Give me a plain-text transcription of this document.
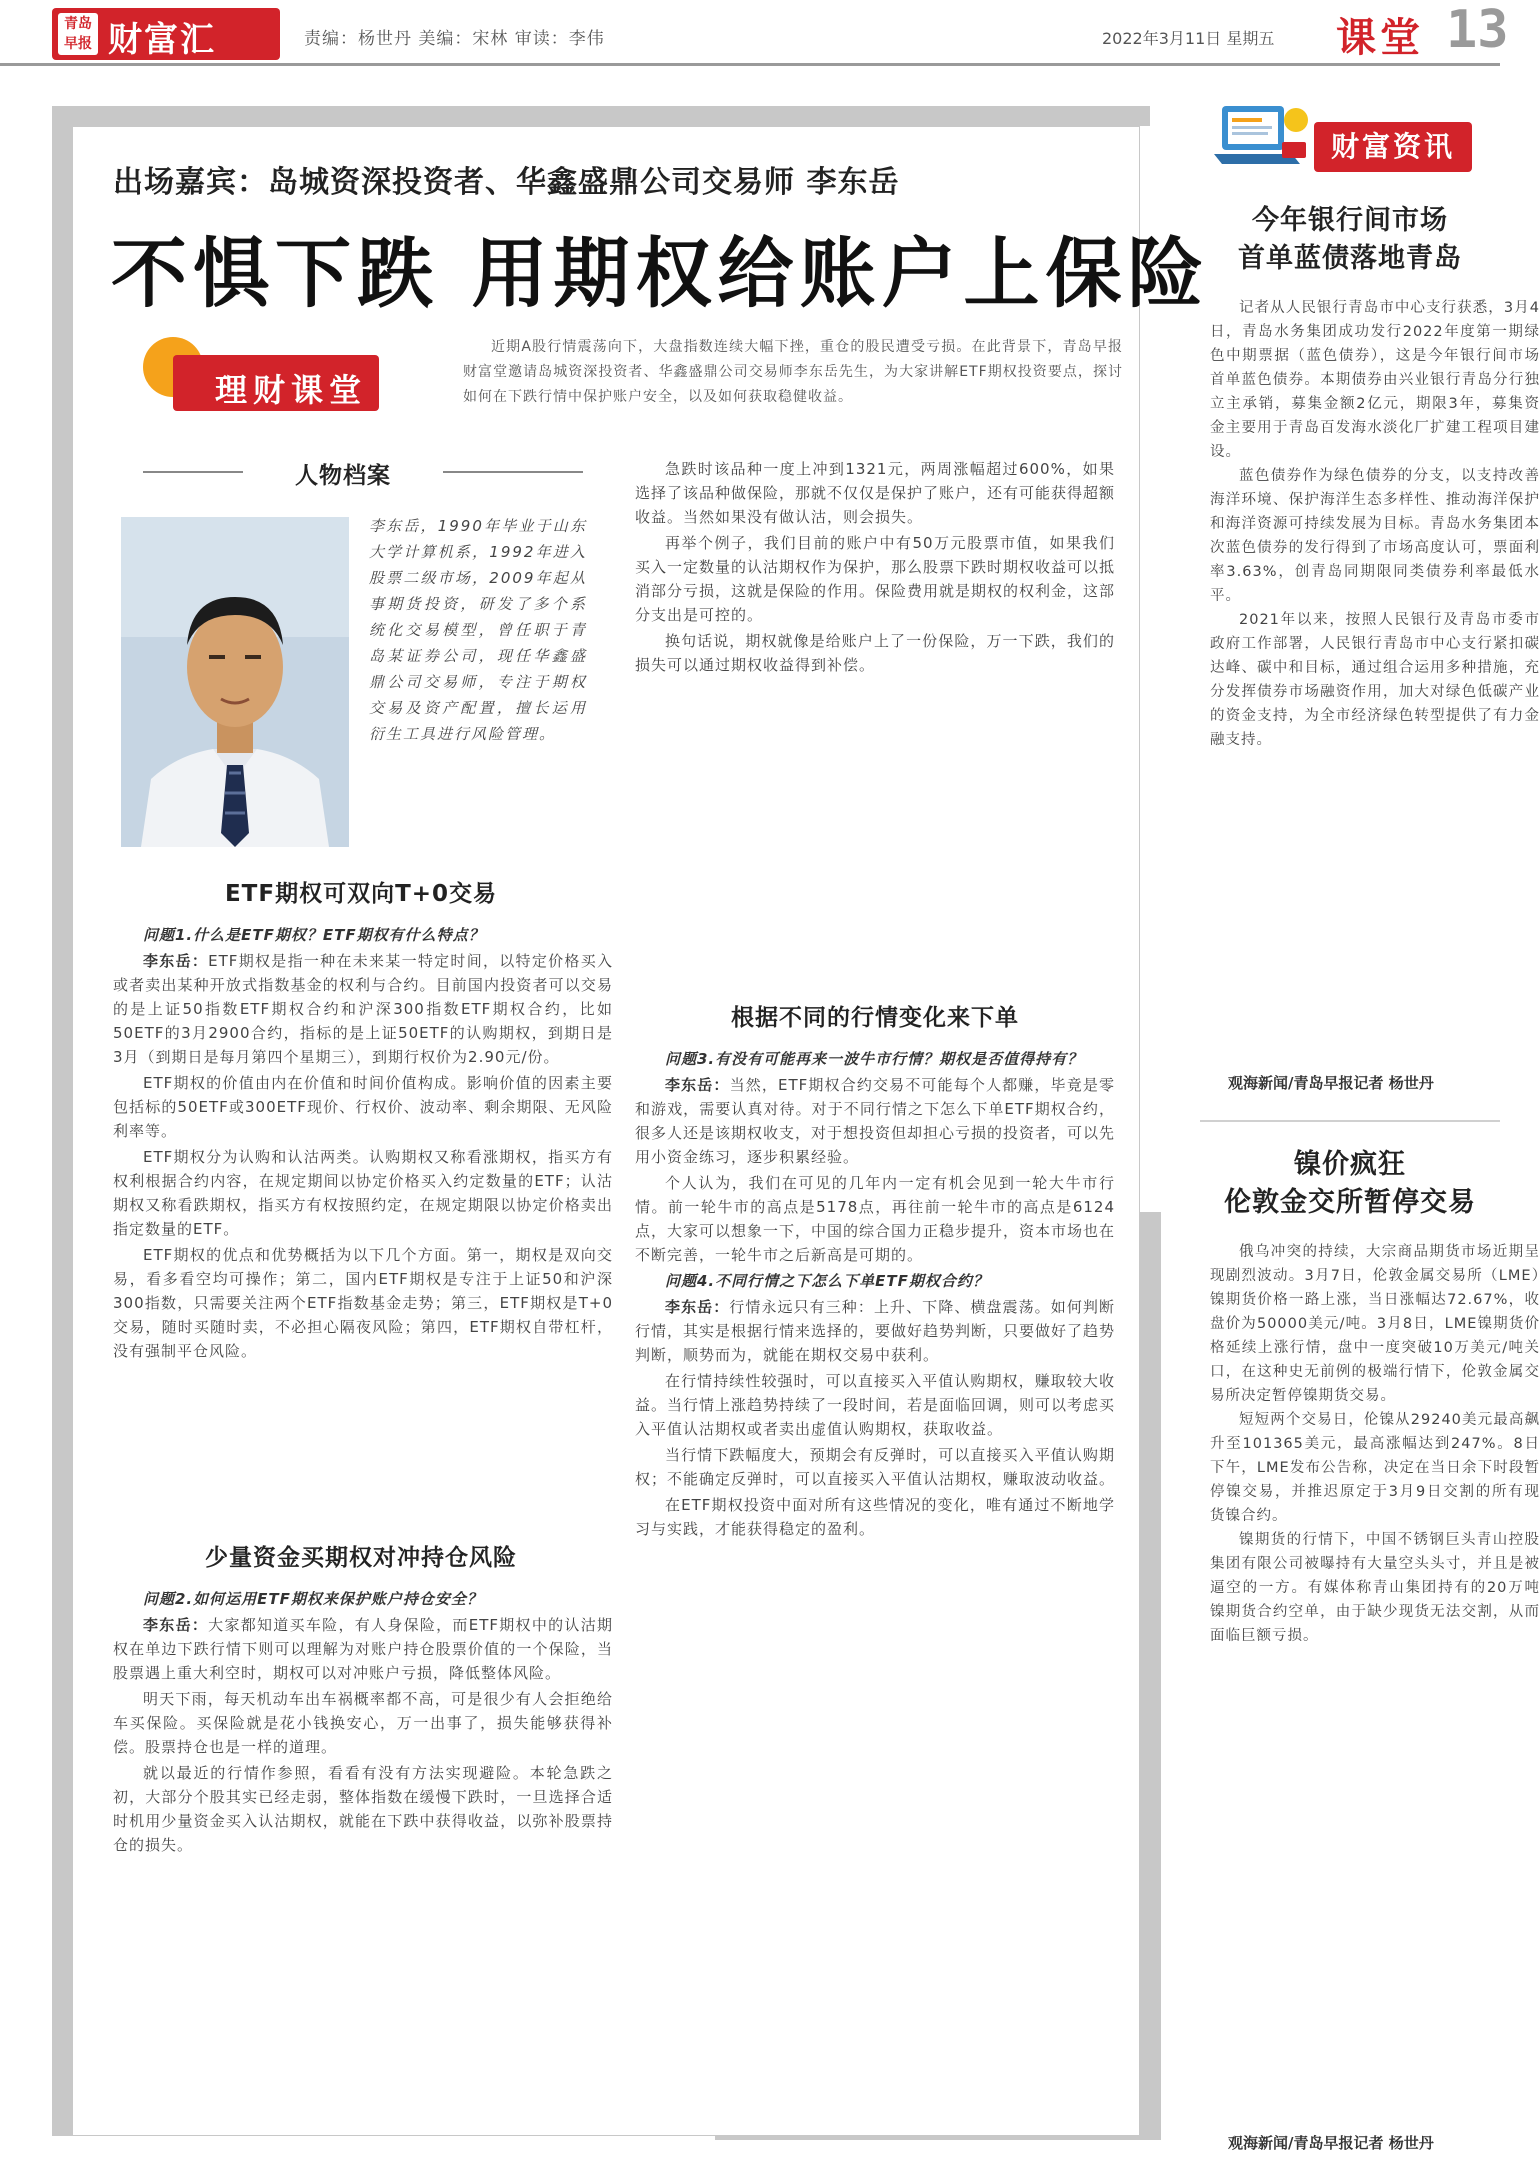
青岛早报 财富汇	责编：杨世丹 美编：宋林 审读：李伟	2022年3月11日 星期五 课堂 13
出场嘉宾：岛城资深投资者、华鑫盛鼎公司交易师 李东岳
不惧下跌 用期权给账户上保险
理财课堂
近期A股行情震荡向下，大盘指数连续大幅下挫，重仓的股民遭受亏损。在此背景下，青岛早报财富堂邀请岛城资深投资者、华鑫盛鼎公司交易师李东岳先生，为大家讲解ETF期权投资要点，探讨如何在下跌行情中保护账户安全，以及如何获取稳健收益。
人物档案
李东岳，1990年毕业于山东大学计算机系，1992年进入股票二级市场，2009年起从事期货投资，研发了多个系统化交易模型，曾任职于青岛某证券公司，现任华鑫盛鼎公司交易师，专注于期权交易及资产配置，擅长运用衍生工具进行风险管理。
ETF期权可双向T+0交易

问题1.什么是ETF期权？ETF期权有什么特点？

李东岳：ETF期权是指一种在未来某一特定时间，以特定价格买入或者卖出某种开放式指数基金的权利与合约。目前国内投资者可以交易的是上证50指数ETF期权合约和沪深300指数ETF期权合约，比如50ETF的3月2900合约，指标的是上证50ETF的认购期权，到期日是3月（到期日是每月第四个星期三），到期行权价为2.90元/份。

ETF期权的价值由内在价值和时间价值构成。影响价值的因素主要包括标的50ETF或300ETF现价、行权价、波动率、剩余期限、无风险利率等。

ETF期权分为认购和认沽两类。认购期权又称看涨期权，指买方有权利根据合约内容，在规定期间以协定价格买入约定数量的ETF；认沽期权又称看跌期权，指买方有权按照约定，在规定期限以协定价格卖出指定数量的ETF。

ETF期权的优点和优势概括为以下几个方面。第一，期权是双向交易，看多看空均可操作；第二，国内ETF期权是专注于上证50和沪深300指数，只需要关注两个ETF指数基金走势；第三，ETF期权是T+0交易，随时买随时卖，不必担心隔夜风险；第四，ETF期权自带杠杆，没有强制平仓风险。

少量资金买期权对冲持仓风险

问题2.如何运用ETF期权来保护账户持仓安全？

李东岳：大家都知道买车险，有人身保险，而ETF期权中的认沽期权在单边下跌行情下则可以理解为对账户持仓股票价值的一个保险，当股票遇上重大利空时，期权可以对冲账户亏损，降低整体风险。

明天下雨，每天机动车出车祸概率都不高，可是很少有人会拒绝给车买保险。买保险就是花小钱换安心，万一出事了，损失能够获得补偿。股票持仓也是一样的道理。

就以最近的行情作参照，看看有没有方法实现避险。本轮急跌之初，大部分个股其实已经走弱，整体指数在缓慢下跌时，一旦选择合适时机用少量资金买入认沽期权，就能在下跌中获得收益，以弥补股票持仓的损失。

急跌时该品种一度上冲到1321元，两周涨幅超过600%，如果选择了该品种做保险，那就不仅仅是保护了账户，还有可能获得超额收益。当然如果没有做认沽，则会损失。

再举个例子，我们目前的账户中有50万元股票市值，如果我们买入一定数量的认沽期权作为保护，那么股票下跌时期权收益可以抵消部分亏损，这就是保险的作用。保险费用就是期权的权利金，这部分支出是可控的。

换句话说，期权就像是给账户上了一份保险，万一下跌，我们的损失可以通过期权收益得到补偿。

根据不同的行情变化来下单

问题3.有没有可能再来一波牛市行情？期权是否值得持有？

李东岳：当然，ETF期权合约交易不可能每个人都赚，毕竟是零和游戏，需要认真对待。对于不同行情之下怎么下单ETF期权合约，很多人还是该期权收支，对于想投资但却担心亏损的投资者，可以先用小资金练习，逐步积累经验。

个人认为，我们在可见的几年内一定有机会见到一轮大牛市行情。前一轮牛市的高点是5178点，再往前一轮牛市的高点是6124点，大家可以想象一下，中国的综合国力正稳步提升，资本市场也在不断完善，一轮牛市之后新高是可期的。

问题4.不同行情之下怎么下单ETF期权合约？

李东岳：行情永远只有三种：上升、下降、横盘震荡。如何判断行情，其实是根据行情来选择的，要做好趋势判断，只要做好了趋势判断，顺势而为，就能在期权交易中获利。

在行情持续性较强时，可以直接买入平值认购期权，赚取较大收益。当行情上涨趋势持续了一段时间，若是面临回调，则可以考虑买入平值认沽期权或者卖出虚值认购期权，获取收益。

当行情下跌幅度大，预期会有反弹时，可以直接买入平值认购期权；不能确定反弹时，可以直接买入平值认沽期权，赚取波动收益。

在ETF期权投资中面对所有这些情况的变化，唯有通过不断地学习与实践，才能获得稳定的盈利。

财富资讯
今年银行间市场
首单蓝债落地青岛

记者从人民银行青岛市中心支行获悉，3月4日，青岛水务集团成功发行2022年度第一期绿色中期票据（蓝色债券），这是今年银行间市场首单蓝色债券。本期债券由兴业银行青岛分行独立主承销，募集金额2亿元，期限3年，募集资金主要用于青岛百发海水淡化厂扩建工程项目建设。

蓝色债券作为绿色债券的分支，以支持改善海洋环境、保护海洋生态多样性、推动海洋保护和海洋资源可持续发展为目标。青岛水务集团本次蓝色债券的发行得到了市场高度认可，票面利率3.63%，创青岛同期限同类债券利率最低水平。

2021年以来，按照人民银行及青岛市委市政府工作部署，人民银行青岛市中心支行紧扣碳达峰、碳中和目标，通过组合运用多种措施，充分发挥债券市场融资作用，加大对绿色低碳产业的资金支持，为全市经济绿色转型提供了有力金融支持。

观海新闻/青岛早报记者 杨世丹
镍价疯狂
伦敦金交所暂停交易

俄乌冲突的持续，大宗商品期货市场近期呈现剧烈波动。3月7日，伦敦金属交易所（LME）镍期货价格一路上涨，当日涨幅达72.67%，收盘价为50000美元/吨。3月8日，LME镍期货价格延续上涨行情，盘中一度突破10万美元/吨关口，在这种史无前例的极端行情下，伦敦金属交易所决定暂停镍期货交易。

短短两个交易日，伦镍从29240美元最高飙升至101365美元，最高涨幅达到247%。8日下午，LME发布公告称，决定在当日余下时段暂停镍交易，并推迟原定于3月9日交割的所有现货镍合约。

镍期货的行情下，中国不锈钢巨头青山控股集团有限公司被曝持有大量空头头寸，并且是被逼空的一方。有媒体称青山集团持有的20万吨镍期货合约空单，由于缺少现货无法交割，从而面临巨额亏损。

观海新闻/青岛早报记者 杨世丹
